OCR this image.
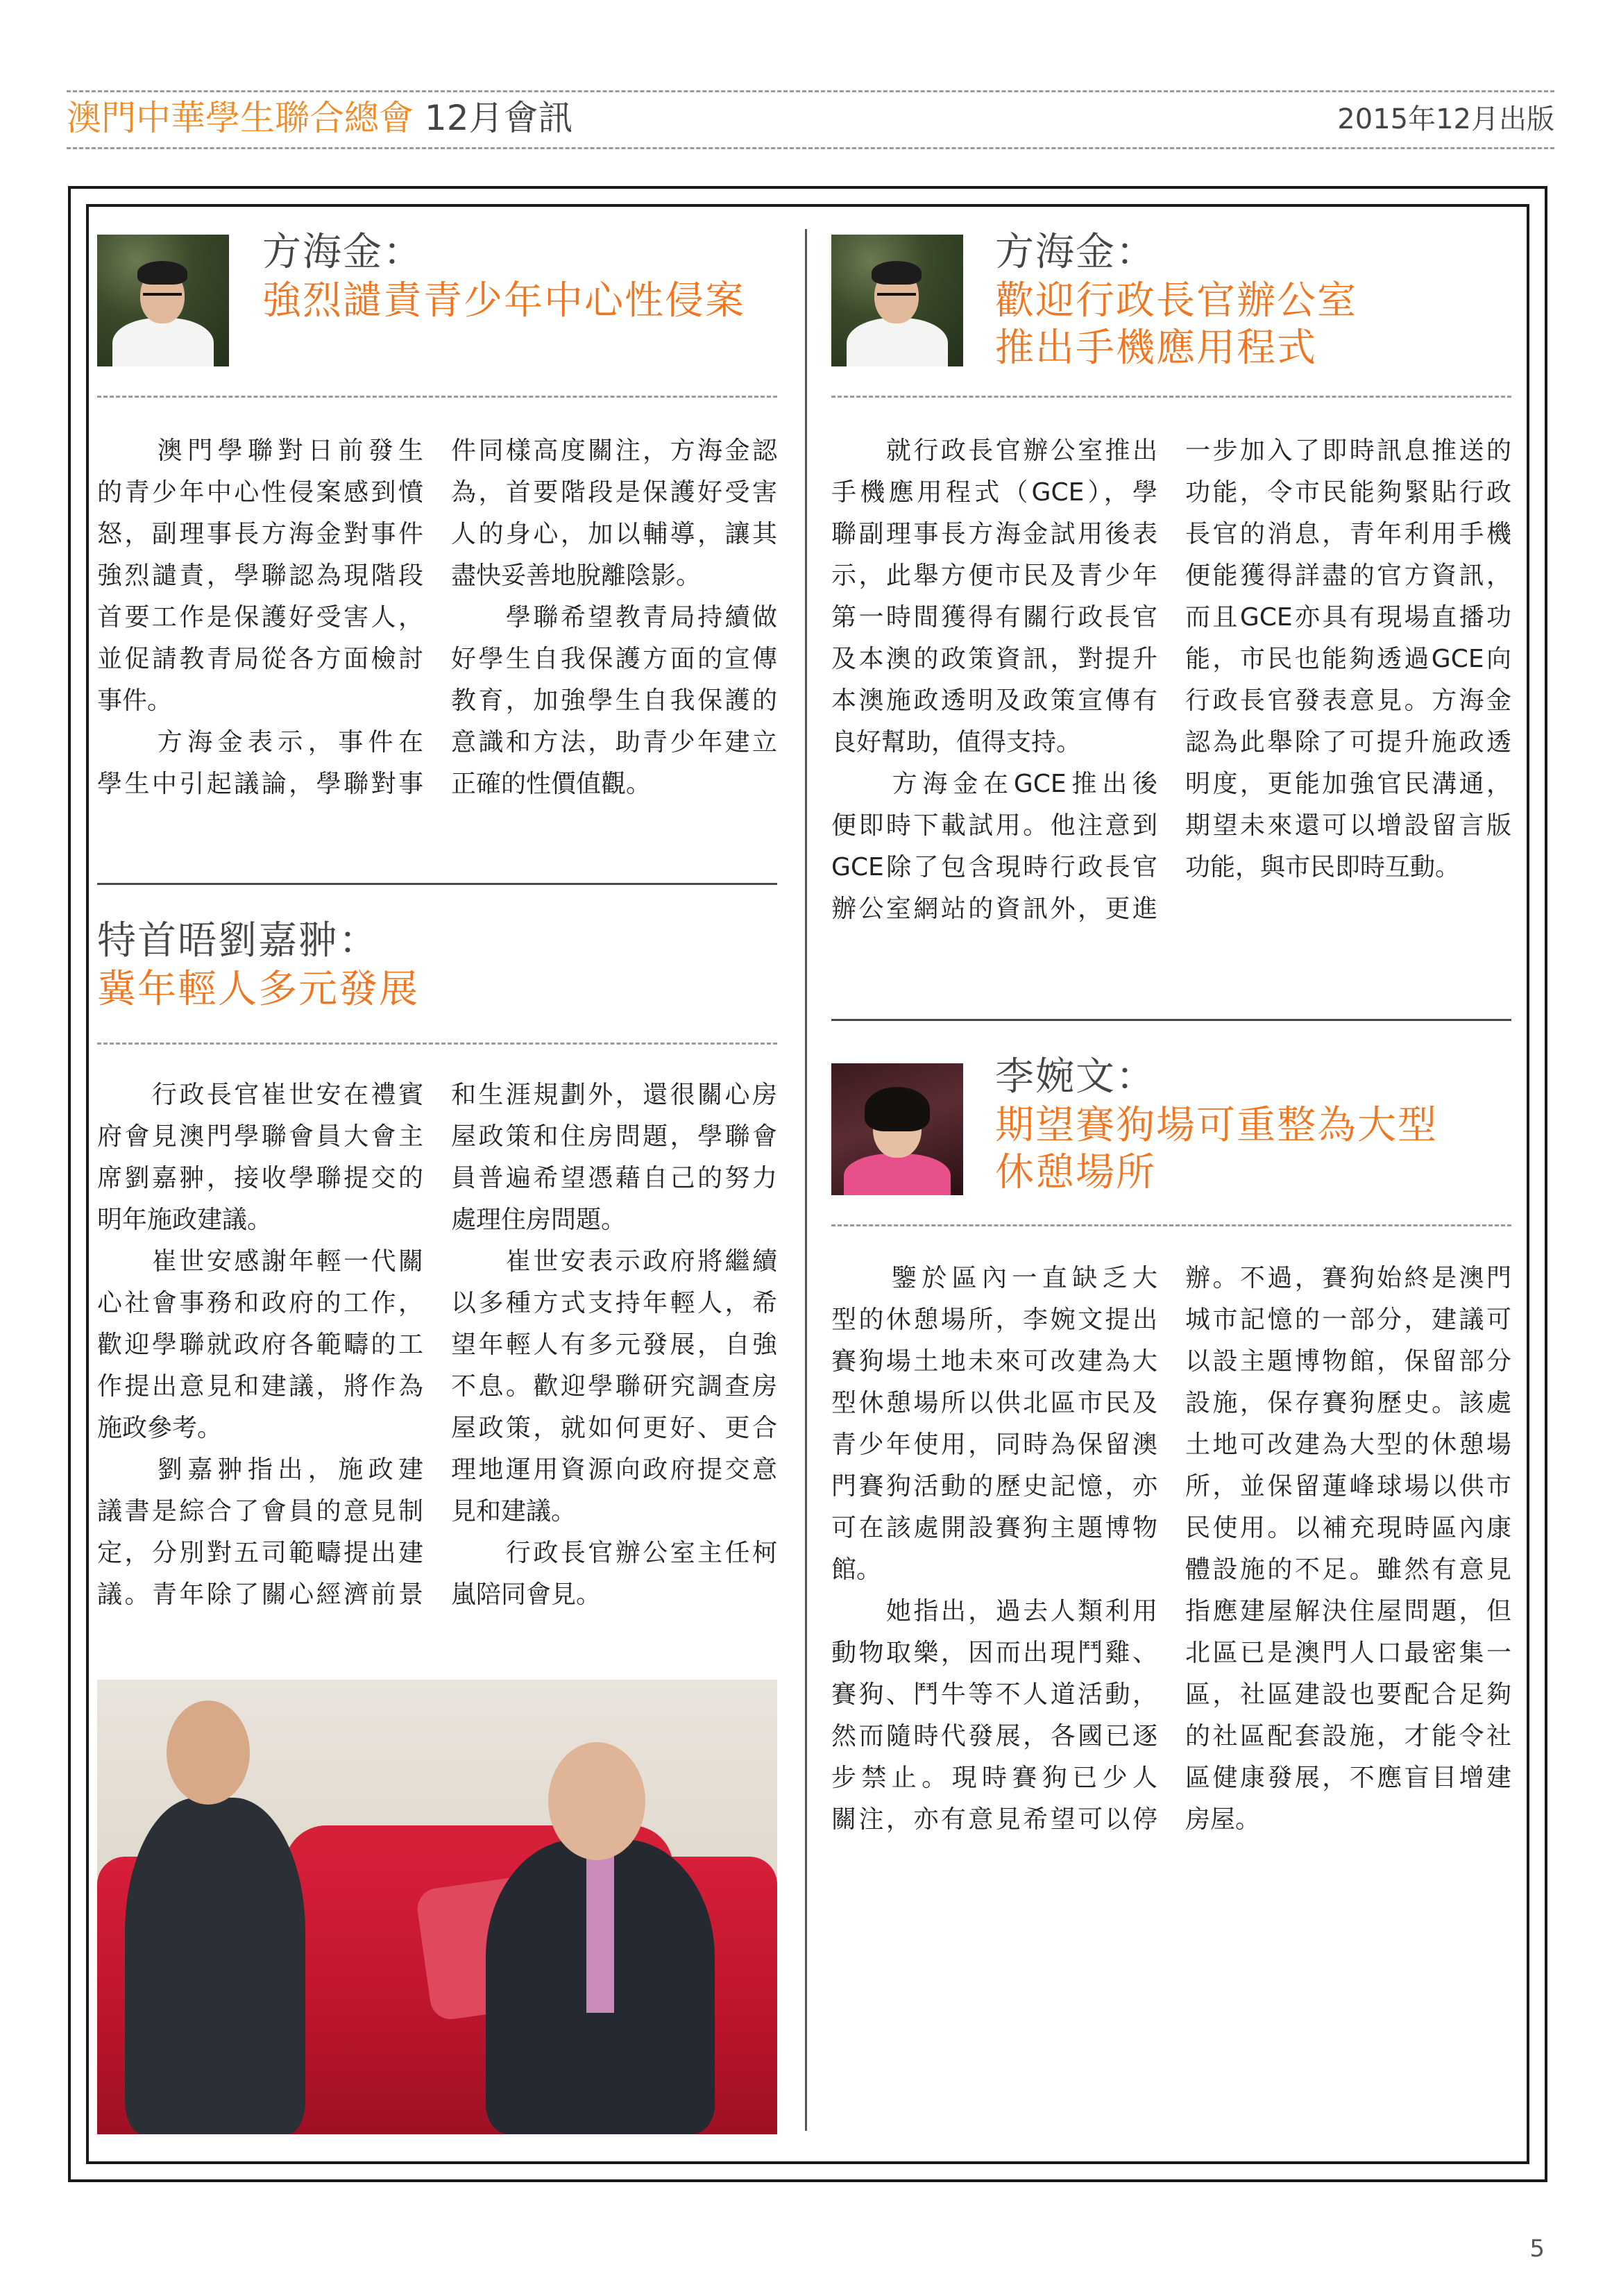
澳門中華學生聯合總會 12月會訊	2015年12月出版
方海金：
強烈譴責青少年中心性侵案
　　澳門學聯對日前發生
的青少年中心性侵案感到憤
怒，副理事長方海金對事件
強烈譴責，學聯認為現階段
首要工作是保護好受害人，
並促請教青局從各方面檢討
事件。
　　方海金表示，事件在
學生中引起議論，學聯對事
件同樣高度關注，方海金認
為，首要階段是保護好受害
人的身心，加以輔導，讓其
盡快妥善地脫離陰影。
　　學聯希望教青局持續做
好學生自我保護方面的宣傳
教育，加強學生自我保護的
意識和方法，助青少年建立
正確的性價值觀。
特首晤劉嘉翀：
冀年輕人多元發展
　　行政長官崔世安在禮賓
府會見澳門學聯會員大會主
席劉嘉翀，接收學聯提交的
明年施政建議。
　　崔世安感謝年輕一代關
心社會事務和政府的工作，
歡迎學聯就政府各範疇的工
作提出意見和建議，將作為
施政參考。
　　劉嘉翀指出，施政建
議書是綜合了會員的意見制
定，分別對五司範疇提出建
議。青年除了關心經濟前景
和生涯規劃外，還很關心房
屋政策和住房問題，學聯會
員普遍希望憑藉自己的努力
處理住房問題。
　　崔世安表示政府將繼續
以多種方式支持年輕人，希
望年輕人有多元發展，自強
不息。歡迎學聯研究調查房
屋政策，就如何更好、更合
理地運用資源向政府提交意
見和建議。
　　行政長官辦公室主任柯
嵐陪同會見。
方海金：
歡迎行政長官辦公室
推出手機應用程式
　　就行政長官辦公室推出
手機應用程式（GCE），學
聯副理事長方海金試用後表
示，此舉方便市民及青少年
第一時間獲得有關行政長官
及本澳的政策資訊，對提升
本澳施政透明及政策宣傳有
良好幫助，值得支持。
　　方海金在GCE推出後
便即時下載試用。他注意到
GCE除了包含現時行政長官
辦公室網站的資訊外，更進
一步加入了即時訊息推送的
功能，令市民能夠緊貼行政
長官的消息，青年利用手機
便能獲得詳盡的官方資訊，
而且GCE亦具有現場直播功
能，市民也能夠透過GCE向
行政長官發表意見。方海金
認為此舉除了可提升施政透
明度，更能加強官民溝通，
期望未來還可以增設留言版
功能，與市民即時互動。
李婉文：
期望賽狗場可重整為大型
休憩場所
　　鑒於區內一直缺乏大
型的休憩場所，李婉文提出
賽狗場土地未來可改建為大
型休憩場所以供北區市民及
青少年使用，同時為保留澳
門賽狗活動的歷史記憶，亦
可在該處開設賽狗主題博物
館。
　　她指出，過去人類利用
動物取樂，因而出現鬥雞、
賽狗、鬥牛等不人道活動，
然而隨時代發展，各國已逐
步禁止。現時賽狗已少人
關注，亦有意見希望可以停
辦。不過，賽狗始終是澳門
城市記憶的一部分，建議可
以設主題博物館，保留部分
設施，保存賽狗歷史。該處
土地可改建為大型的休憩場
所，並保留蓮峰球場以供市
民使用。以補充現時區內康
體設施的不足。雖然有意見
指應建屋解決住屋問題，但
北區已是澳門人口最密集一
區，社區建設也要配合足夠
的社區配套設施，才能令社
區健康發展，不應盲目增建
房屋。
5
